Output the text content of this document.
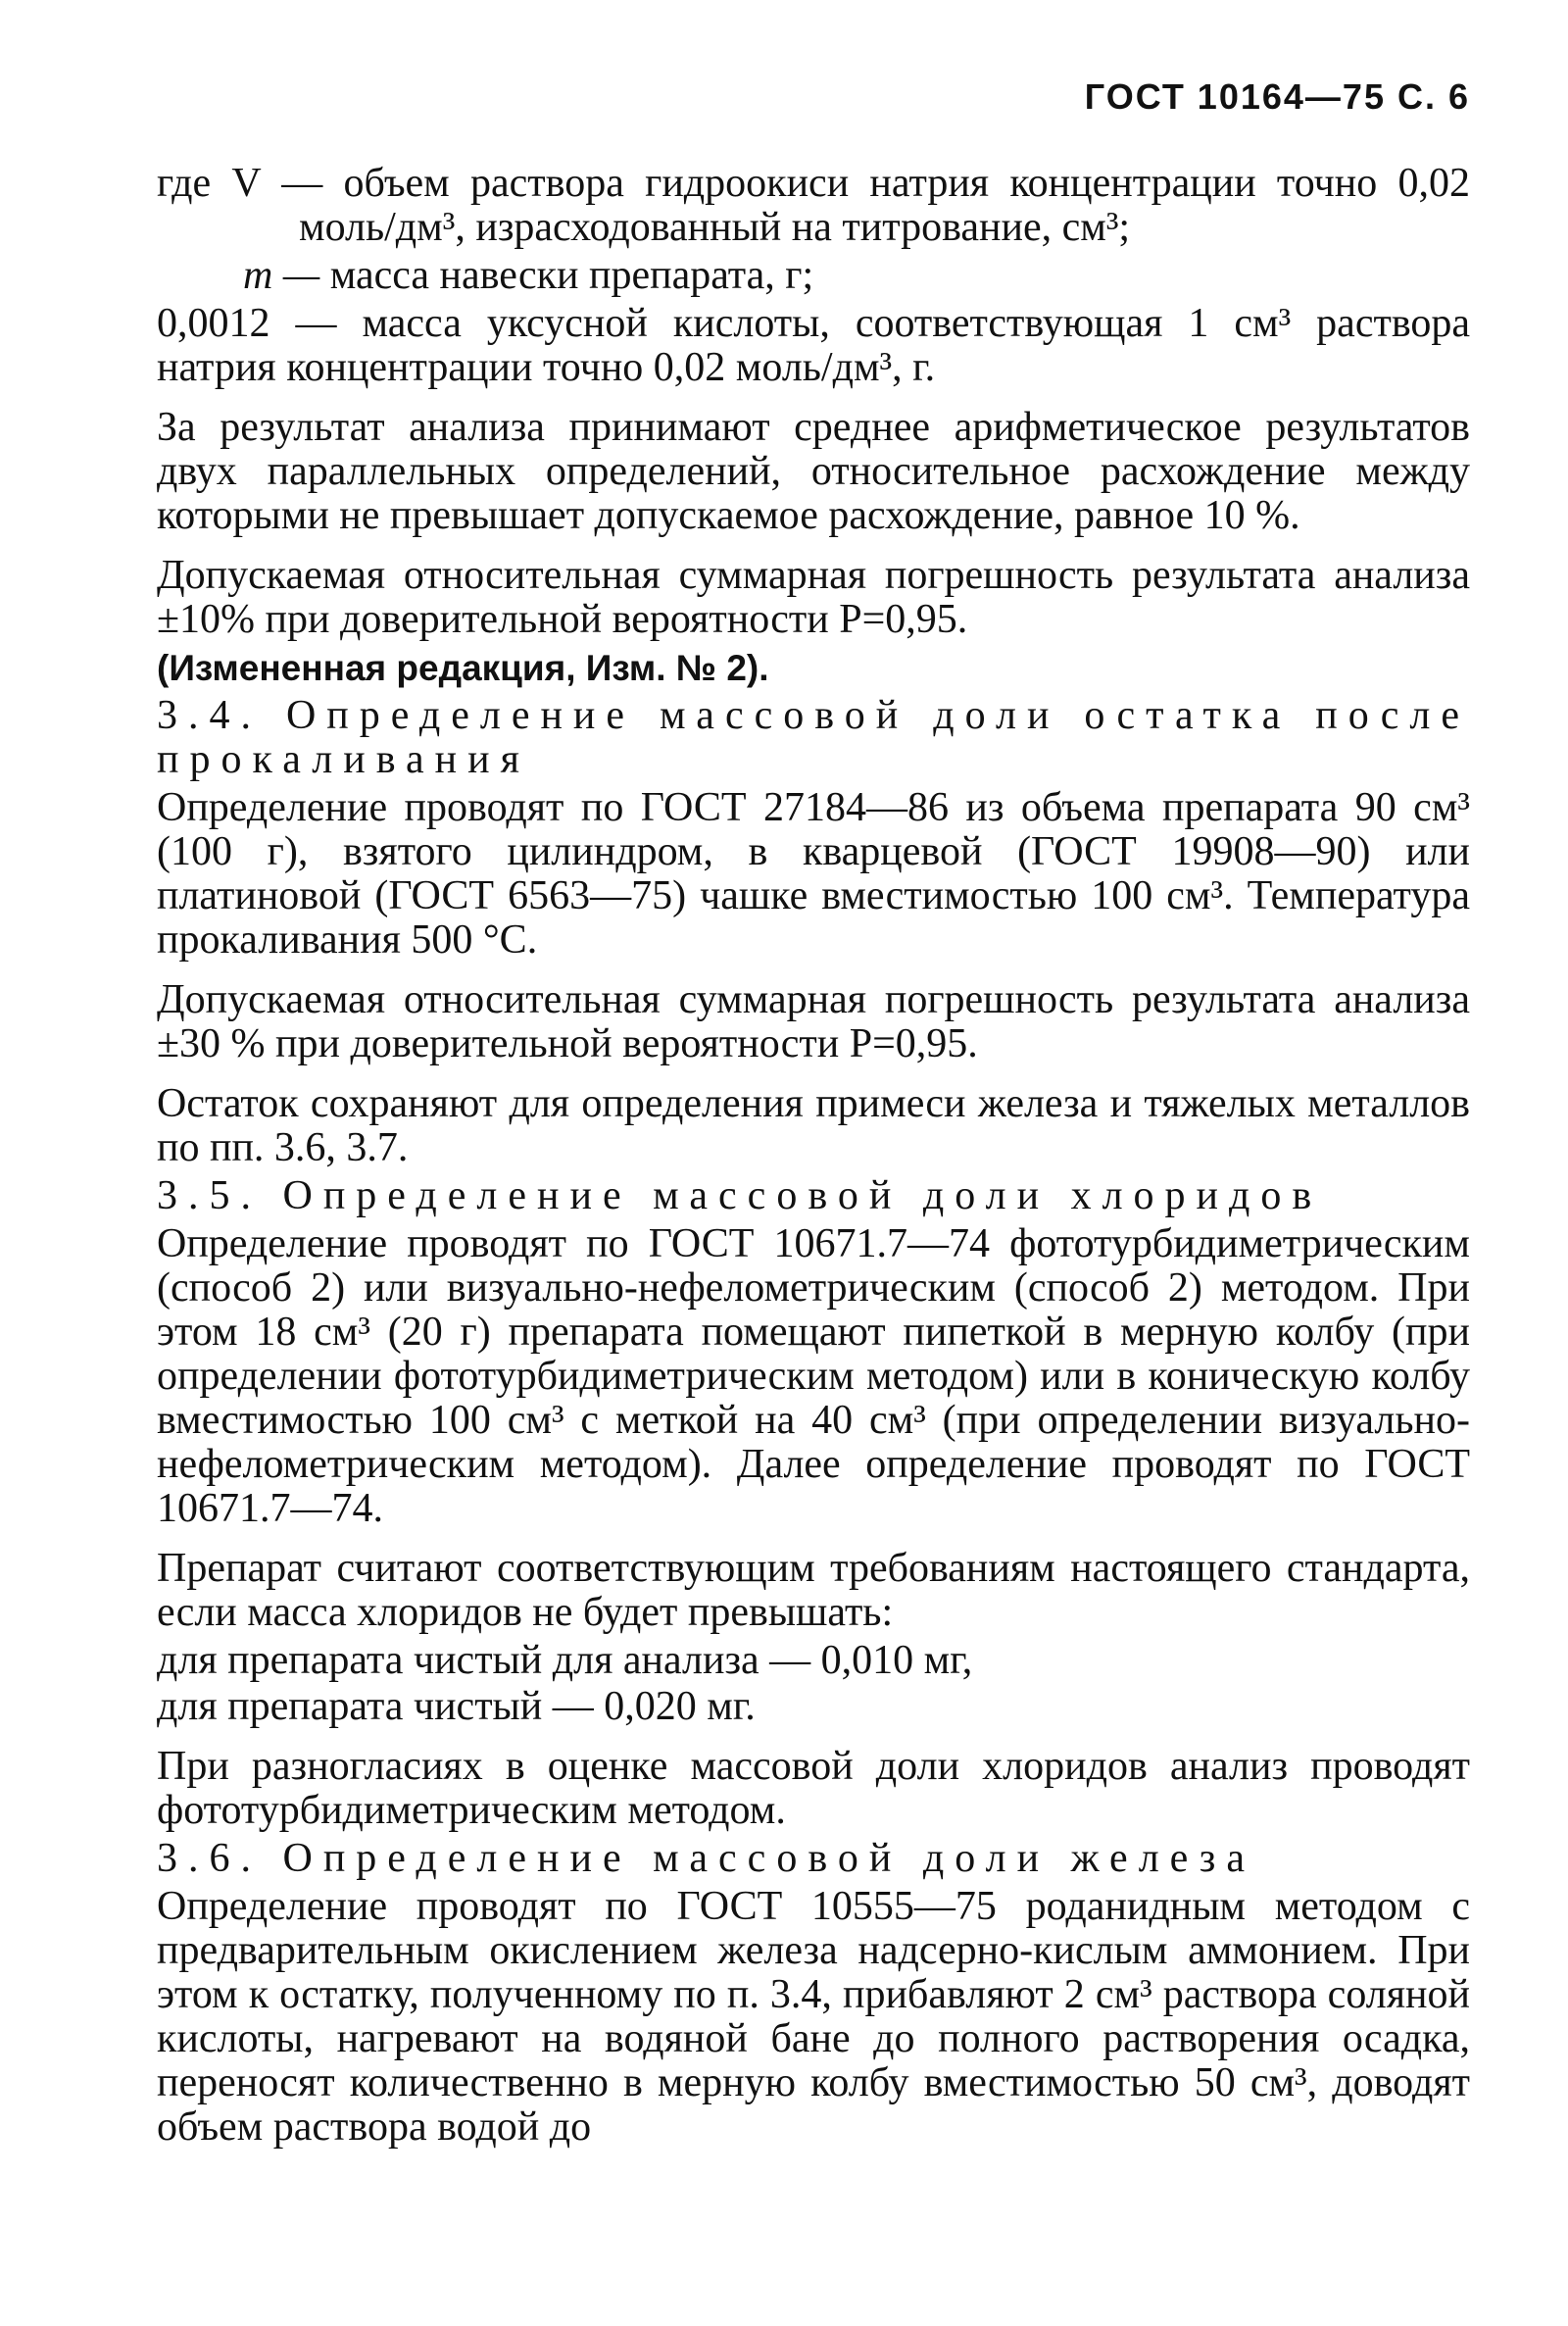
ГОСТ 10164—75 С. 6

где V — объем раствора гидроокиси натрия концентрации точно 0,02 моль/дм³, израсходованный на титрование, см³;

m — масса навески препарата, г;

0,0012 — масса уксусной кислоты, соответствующая 1 см³ раствора натрия концентрации точно 0,02 моль/дм³, г.

За результат анализа принимают среднее арифметическое результатов двух параллельных определений, относительное расхождение между которыми не превышает допускаемое расхождение, равное 10 %.

Допускаемая относительная суммарная погрешность результата анализа ±10% при доверительной вероятности P=0,95.

(Измененная редакция, Изм. № 2).

3.4. Определение массовой доли остатка после прокаливания

Определение проводят по ГОСТ 27184—86 из объема препарата 90 см³ (100 г), взятого цилиндром, в кварцевой (ГОСТ 19908—90) или платиновой (ГОСТ 6563—75) чашке вместимостью 100 см³. Температура прокаливания 500 °С.

Допускаемая относительная суммарная погрешность результата анализа ±30 % при доверительной вероятности P=0,95.

Остаток сохраняют для определения примеси железа и тяжелых металлов по пп. 3.6, 3.7.

3.5. Определение массовой доли хлоридов

Определение проводят по ГОСТ 10671.7—74 фототурбидиметрическим (способ 2) или визуально-нефелометрическим (способ 2) методом. При этом 18 см³ (20 г) препарата помещают пипеткой в мерную колбу (при определении фототурбидиметрическим методом) или в коническую колбу вместимостью 100 см³ с меткой на 40 см³ (при определении визуально-нефелометрическим методом). Далее определение проводят по ГОСТ 10671.7—74.

Препарат считают соответствующим требованиям настоящего стандарта, если масса хлоридов не будет превышать:

для препарата чистый для анализа — 0,010 мг,

для препарата чистый — 0,020 мг.

При разногласиях в оценке массовой доли хлоридов анализ проводят фототурбидиметрическим методом.

3.6. Определение массовой доли железа

Определение проводят по ГОСТ 10555—75 роданидным методом с предварительным окислением железа надсерно-кислым аммонием. При этом к остатку, полученному по п. 3.4, прибавляют 2 см³ раствора соляной кислоты, нагревают на водяной бане до полного растворения осадка, переносят количественно в мерную колбу вместимостью 50 см³, доводят объем раствора водой до
